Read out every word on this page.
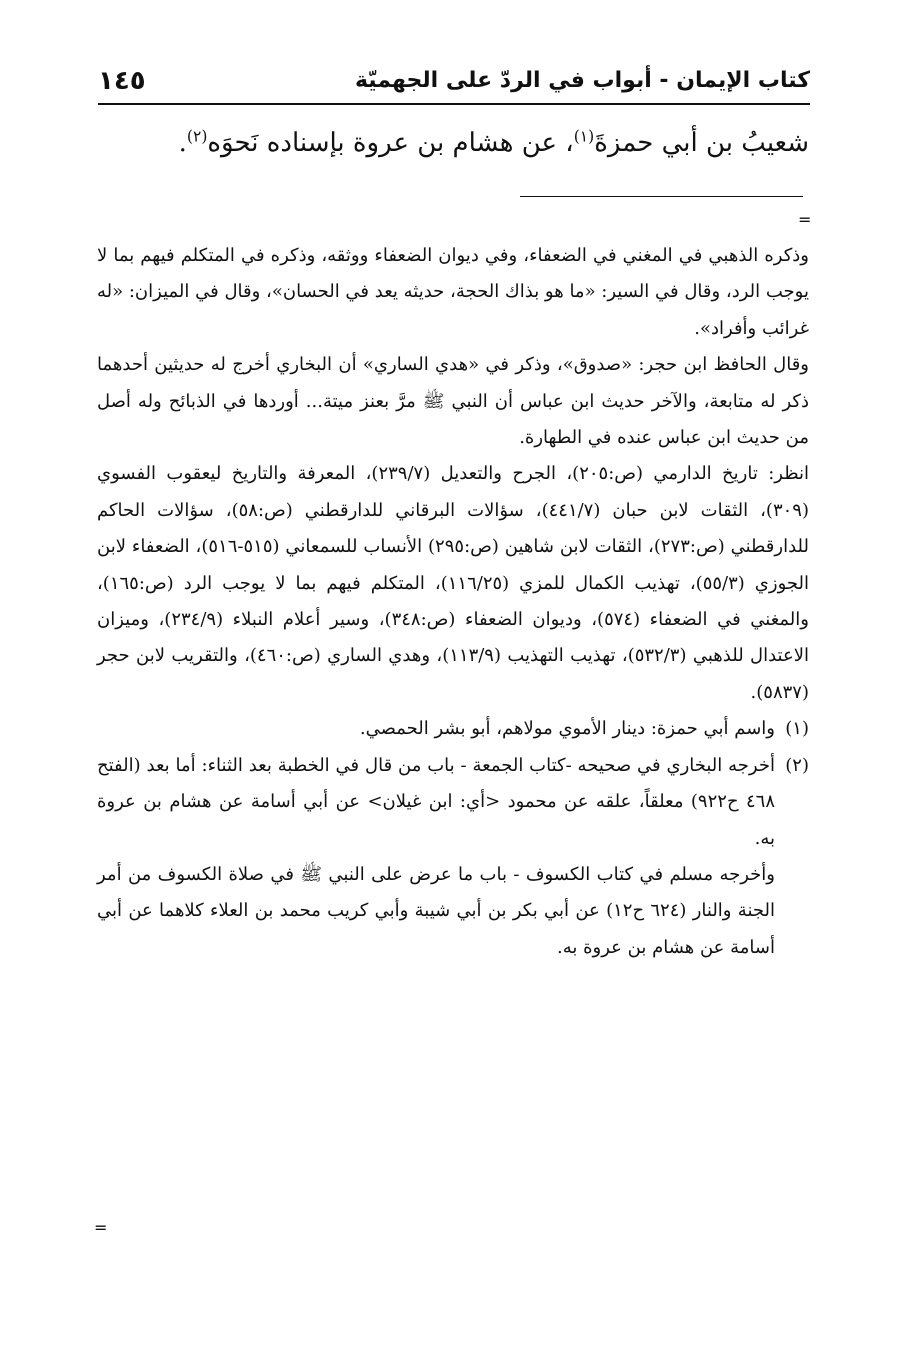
١٤٥	كتاب الإيمان - أبواب في الردّ على الجهميّة
شعيبُ بن أبي حمزةَ$^{(١)}$، عن هشام بن عروة بإسناده نَحوَه$^{(٢)}$.
=

وذكره الذهبي في المغني في الضعفاء، وفي ديوان الضعفاء ووثقه، وذكره في المتكلم فيهم بما لا يوجب الرد، وقال في السير: «ما هو بذاك الحجة، حديثه يعد في الحسان»، وقال في الميزان: «له غرائب وأفراد».

وقال الحافظ ابن حجر: «صدوق»، وذكر في «هدي الساري» أن البخاري أخرج له حديثين أحدهما ذكر له متابعة، والآخر حديث ابن عباس أن النبي ﷺ مرَّ بعنز ميتة... أوردها في الذبائح وله أصل من حديث ابن عباس عنده في الطهارة.

انظر: تاريخ الدارمي (ص:٢٠٥)، الجرح والتعديل (٢٣٩/٧)، المعرفة والتاريخ ليعقوب الفسوي (٣٠٩)، الثقات لابن حبان (٤٤١/٧)، سؤالات البرقاني للدارقطني (ص:٥٨)، سؤالات الحاكم للدارقطني (ص:٢٧٣)، الثقات لابن شاهين (ص:٢٩٥) الأنساب للسمعاني (٥١٥-٥١٦)، الضعفاء لابن الجوزي (٥٥/٣)، تهذيب الكمال للمزي (١١٦/٢٥)، المتكلم فيهم بما لا يوجب الرد (ص:١٦٥)، والمغني في الضعفاء (٥٧٤)، وديوان الضعفاء (ص:٣٤٨)، وسير أعلام النبلاء (٢٣٤/٩)، وميزان الاعتدال للذهبي (٥٣٢/٣)، تهذيب التهذيب (١١٣/٩)، وهدي الساري (ص:٤٦٠)، والتقريب لابن حجر (٥٨٣٧).

(١)
واسم أبي حمزة: دينار الأموي مولاهم، أبو بشر الحمصي.

(٢)

أخرجه البخاري في صحيحه -كتاب الجمعة - باب من قال في الخطبة بعد الثناء: أما بعد (الفتح ٤٦٨ ح٩٢٢) معلقاً، علقه عن محمود <أي: ابن غيلان> عن أبي أسامة عن هشام بن عروة به.

وأخرجه مسلم في كتاب الكسوف - باب ما عرض على النبي ﷺ في صلاة الكسوف من أمر الجنة والنار (٦٢٤ ح١٢) عن أبي بكر بن أبي شيبة وأبي كريب محمد بن العلاء كلاهما عن أبي أسامة عن هشام بن عروة به.

=
